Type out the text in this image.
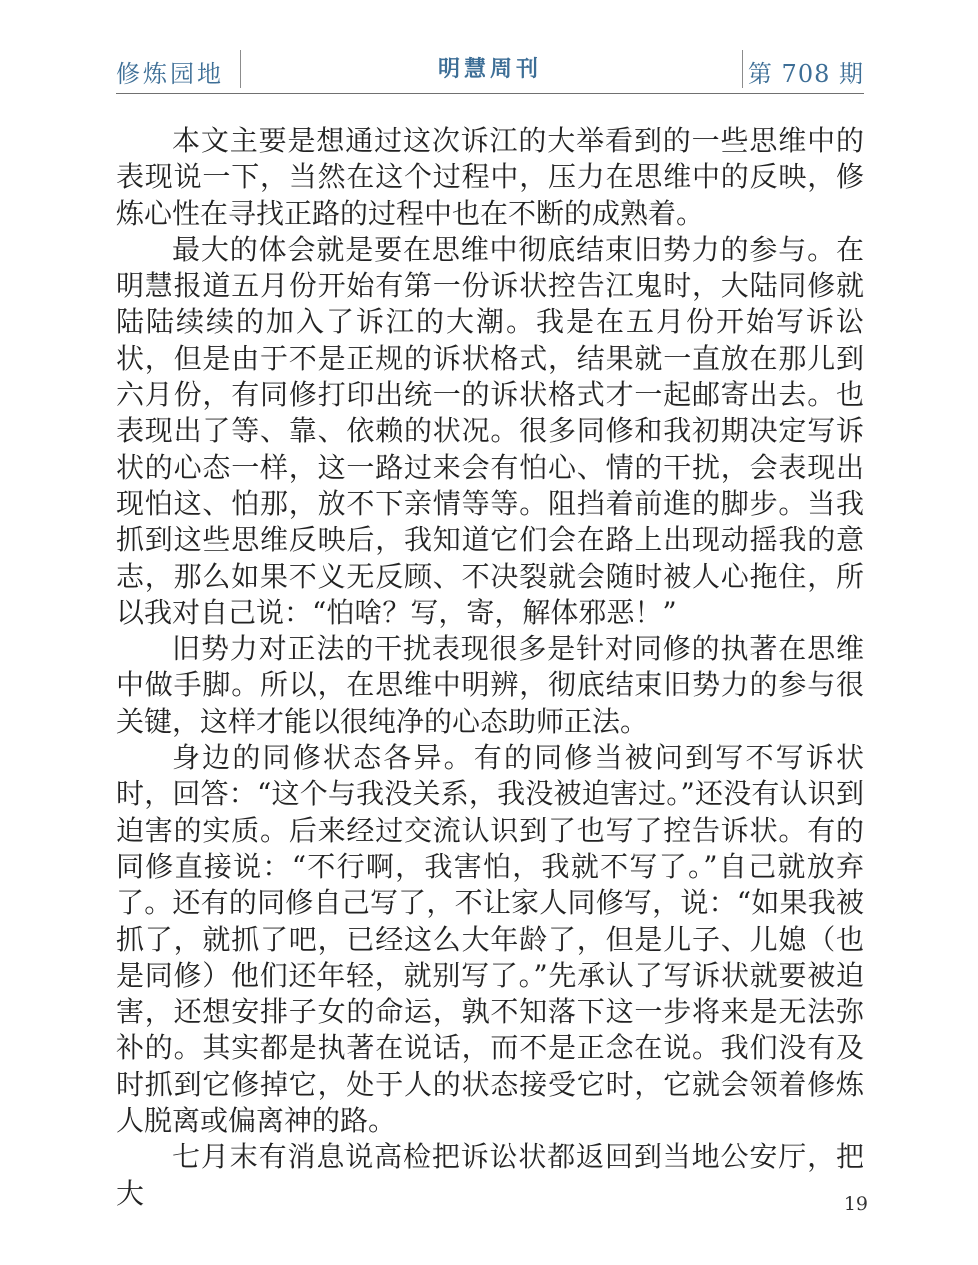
修炼园地	明慧周刊	第 708 期

本文主要是想通过这次诉江的大举看到的一些思维中的表现说一下，当然在这个过程中，压力在思维中的反映，修炼心性在寻找正路的过程中也在不断的成熟着。

最大的体会就是要在思维中彻底结束旧势力的参与。在明慧报道五月份开始有第一份诉状控告江鬼时，大陆同修就陆陆续续的加入了诉江的大潮。我是在五月份开始写诉讼状，但是由于不是正规的诉状格式，结果就一直放在那儿到六月份，有同修打印出统一的诉状格式才一起邮寄出去。也表现出了等、靠、依赖的状况。很多同修和我初期决定写诉状的心态一样，这一路过来会有怕心、情的干扰，会表现出现怕这、怕那，放不下亲情等等。阻挡着前進的脚步。当我抓到这些思维反映后，我知道它们会在路上出现动摇我的意志，那么如果不义无反顾、不决裂就会随时被人心拖住，所以我对自己说：“怕啥？写，寄，解体邪恶！”

旧势力对正法的干扰表现很多是针对同修的执著在思维中做手脚。所以，在思维中明辨，彻底结束旧势力的参与很关键，这样才能以很纯净的心态助师正法。

身边的同修状态各异。有的同修当被问到写不写诉状时，回答：“这个与我没关系，我没被迫害过。”还没有认识到迫害的实质。后来经过交流认识到了也写了控告诉状。有的同修直接说：“不行啊，我害怕，我就不写了。”自己就放弃了。还有的同修自己写了，不让家人同修写，说：“如果我被抓了，就抓了吧，已经这么大年龄了，但是儿子、儿媳（也是同修）他们还年轻，就别写了。”先承认了写诉状就要被迫害，还想安排子女的命运，孰不知落下这一步将来是无法弥补的。其实都是执著在说话，而不是正念在说。我们没有及时抓到它修掉它，处于人的状态接受它时，它就会领着修炼人脱离或偏离神的路。

七月末有消息说高检把诉讼状都返回到当地公安厅，把大	19
